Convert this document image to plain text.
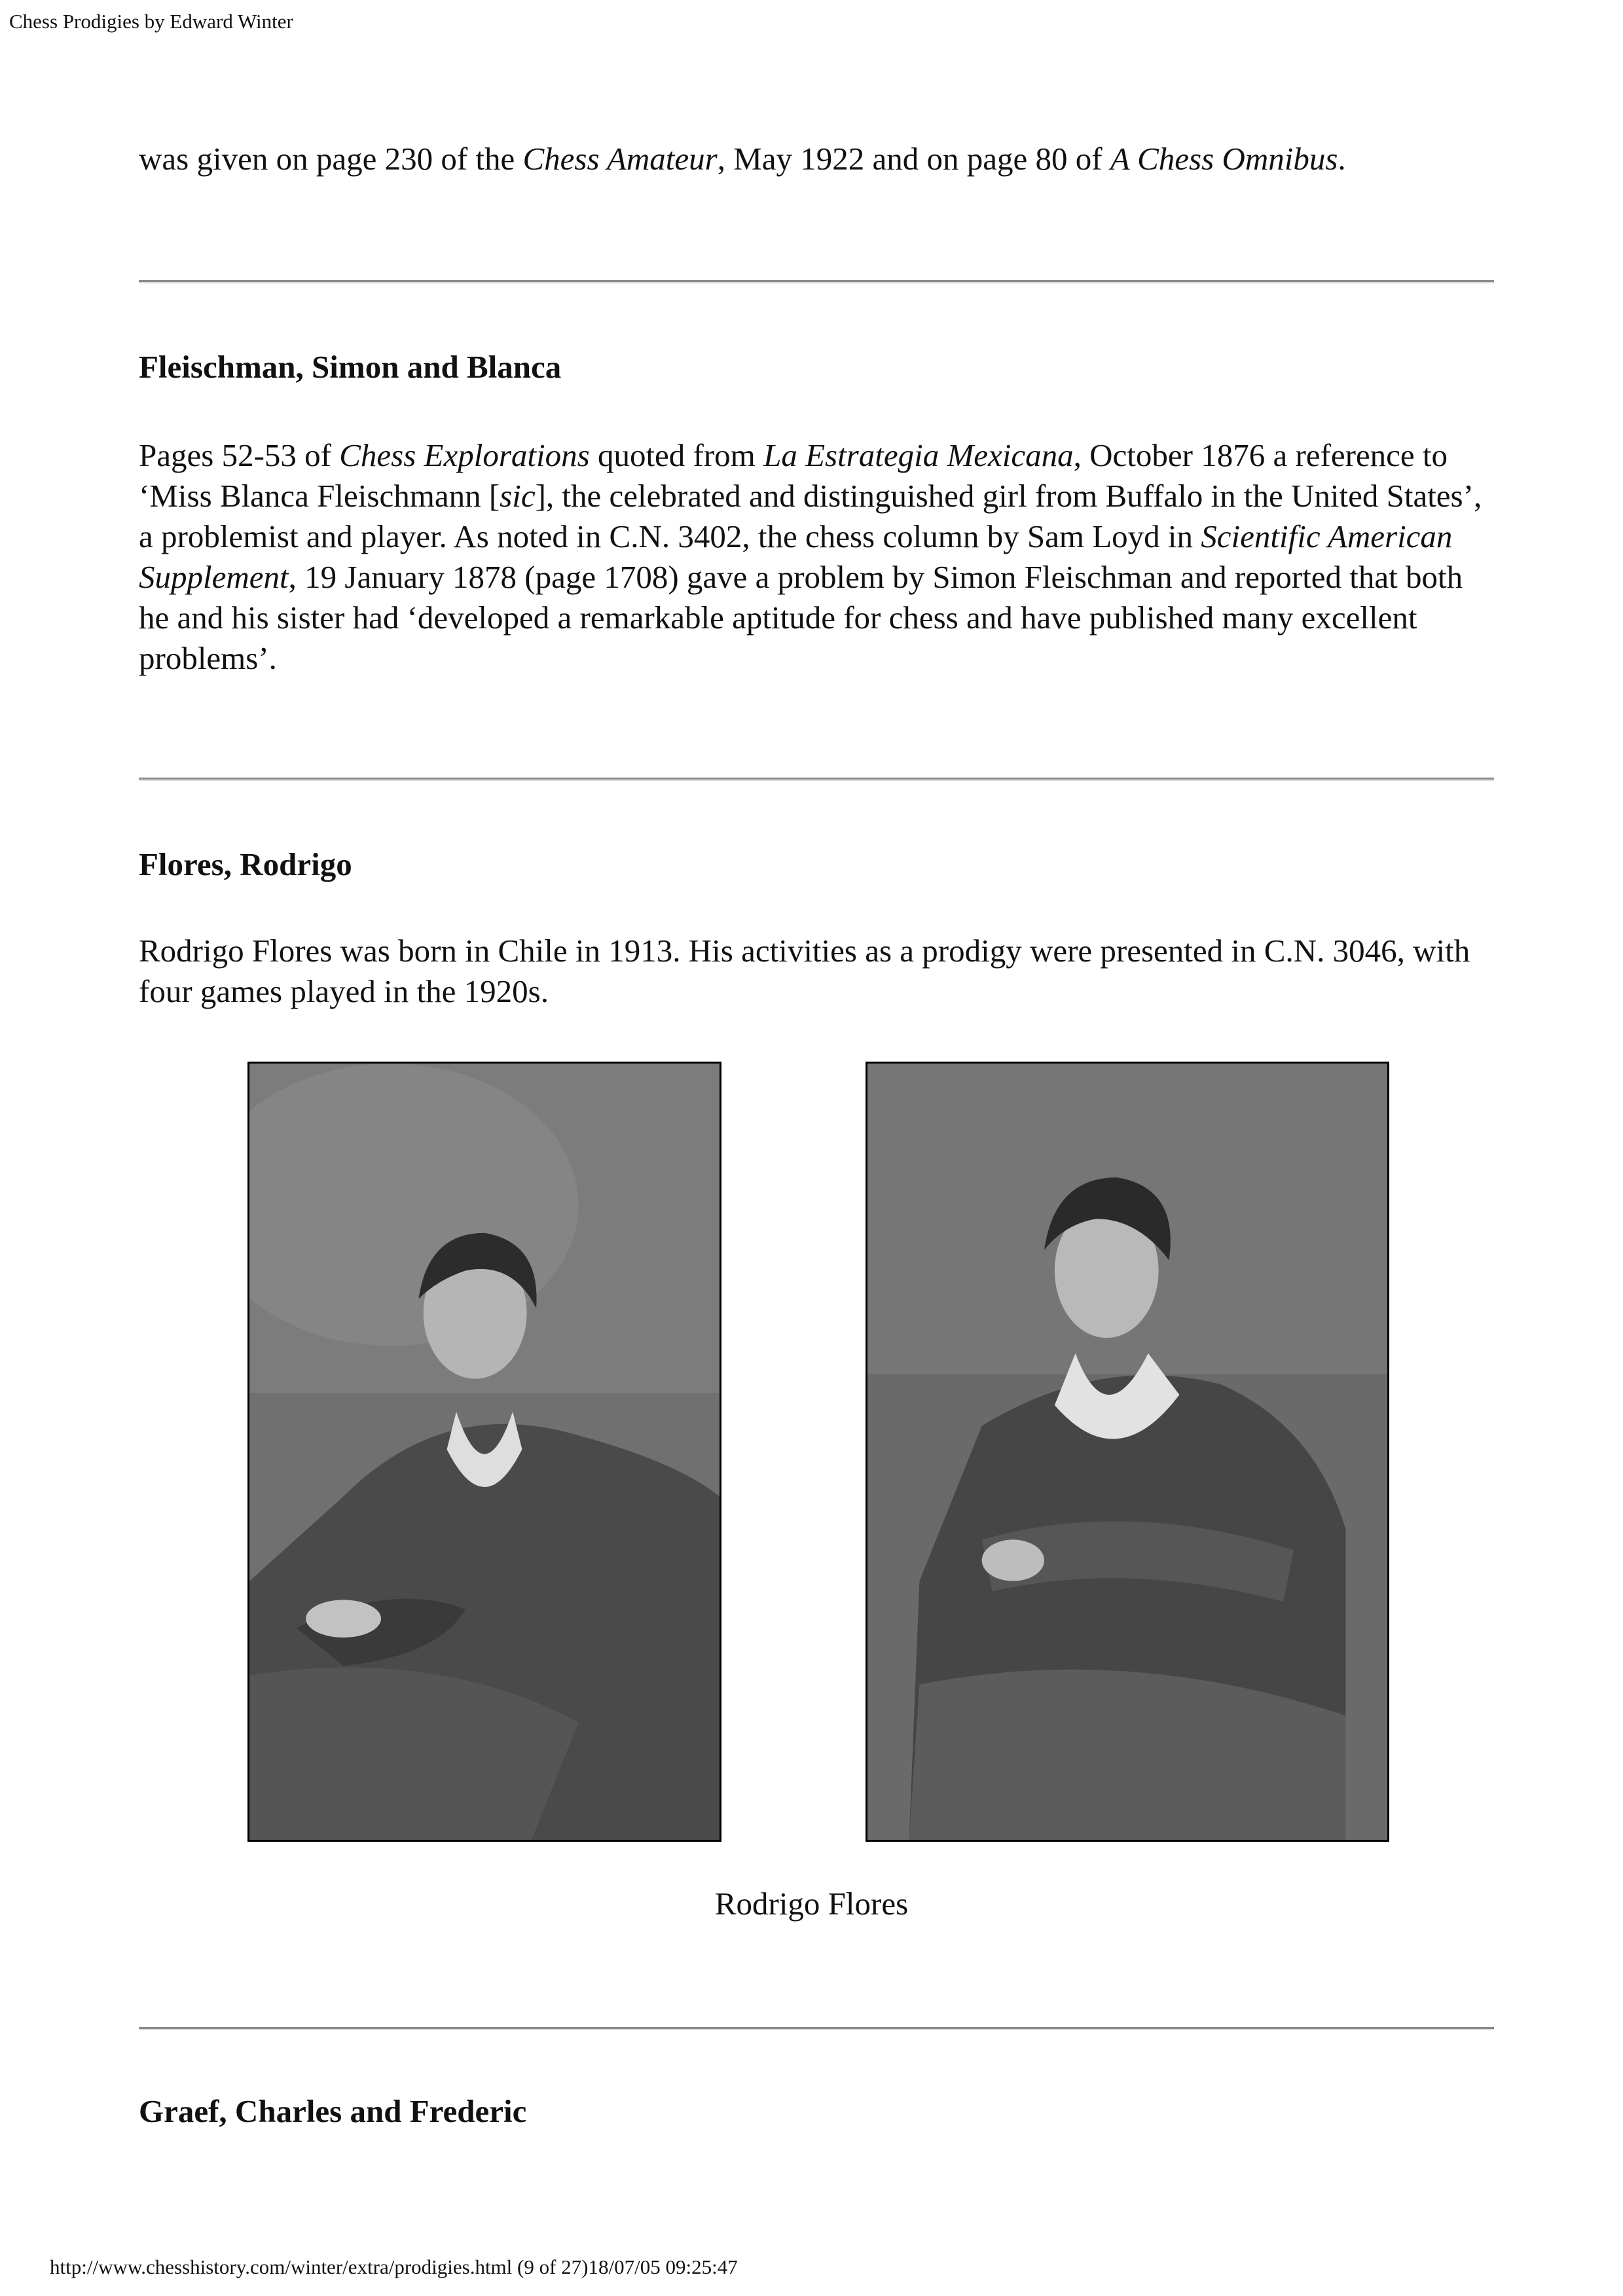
Chess Prodigies by Edward Winter

was given on page 230 of the Chess Amateur, May 1922 and on page 80 of A Chess Omnibus.

Fleischman, Simon and Blanca

Pages 52-53 of Chess Explorations quoted from La Estrategia Mexicana, October 1876 a reference to ‘Miss Blanca Fleischmann [sic], the celebrated and distinguished girl from Buffalo in the United States’, a problemist and player. As noted in C.N. 3402, the chess column by Sam Loyd in Scientific American Supplement, 19 January 1878 (page 1708) gave a problem by Simon Fleischman and reported that both he and his sister had ‘developed a remarkable aptitude for chess and have published many excellent problems’.

Flores, Rodrigo

Rodrigo Flores was born in Chile in 1913. His activities as a prodigy were presented in C.N. 3046, with four games played in the 1920s.

Rodrigo Flores

Graef, Charles and Frederic

http://www.chesshistory.com/winter/extra/prodigies.html (9 of 27)18/07/05 09:25:47
